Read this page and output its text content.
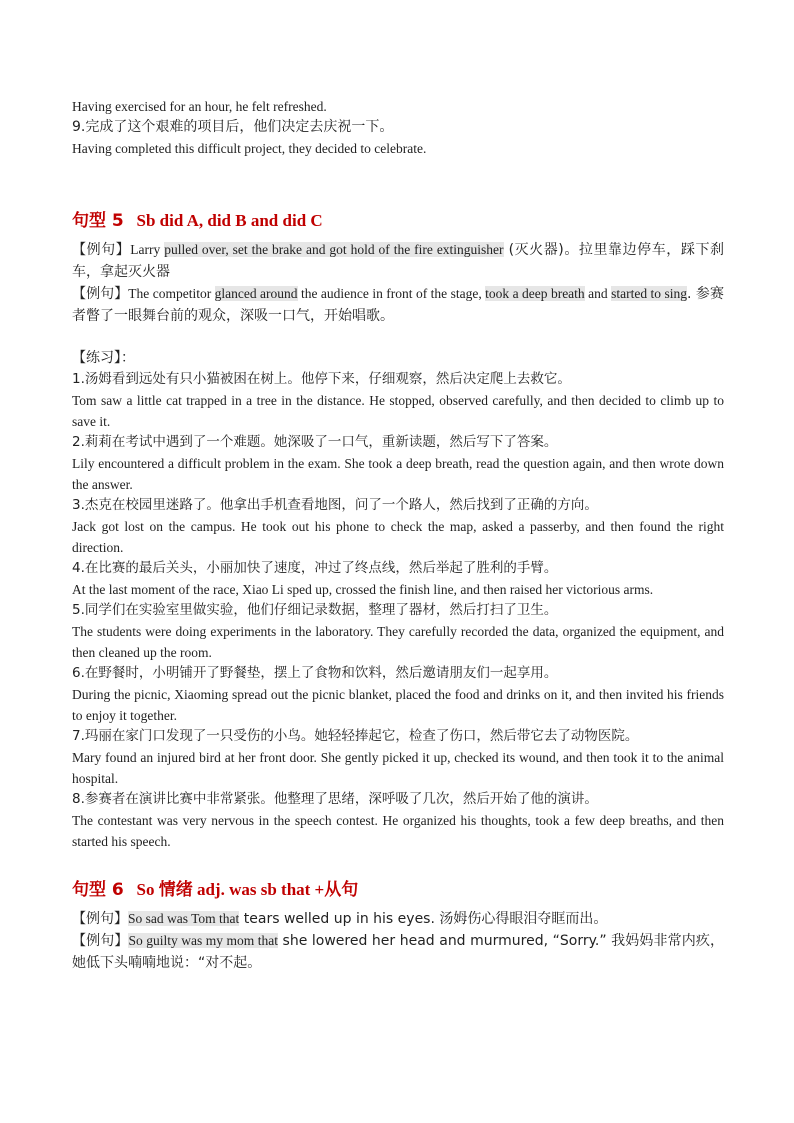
Having exercised for an hour, he felt refreshed.
9.完成了这个艰难的项目后，他们决定去庆祝一下。
Having completed this difficult project, they decided to celebrate.
句型 5 Sb did A, did B and did C

【例句】Larry pulled over, set the brake and got hold of the fire extinguisher (灭火器)。拉里靠边停车，踩下刹车，拿起灭火器

【例句】The competitor glanced around the audience in front of the stage, took a deep breath and started to sing. 参赛者瞥了一眼舞台前的观众，深吸一口气，开始唱歌。

【练习】：

1.汤姆看到远处有只小猫被困在树上。他停下来，仔细观察，然后决定爬上去救它。

Tom saw a little cat trapped in a tree in the distance. He stopped, observed carefully, and then decided to climb up to save it.

2.莉莉在考试中遇到了一个难题。她深吸了一口气，重新读题，然后写下了答案。

Lily encountered a difficult problem in the exam. She took a deep breath, read the question again, and then wrote down the answer.

3.杰克在校园里迷路了。他拿出手机查看地图，问了一个路人，然后找到了正确的方向。

Jack got lost on the campus. He took out his phone to check the map, asked a passerby, and then found the right direction.

4.在比赛的最后关头，小丽加快了速度，冲过了终点线，然后举起了胜利的手臂。

At the last moment of the race, Xiao Li sped up, crossed the finish line, and then raised her victorious arms.

5.同学们在实验室里做实验，他们仔细记录数据，整理了器材，然后打扫了卫生。

The students were doing experiments in the laboratory. They carefully recorded the data, organized the equipment, and then cleaned up the room.

6.在野餐时，小明铺开了野餐垫，摆上了食物和饮料，然后邀请朋友们一起享用。

During the picnic, Xiaoming spread out the picnic blanket, placed the food and drinks on it, and then invited his friends to enjoy it together.

7.玛丽在家门口发现了一只受伤的小鸟。她轻轻捧起它，检查了伤口，然后带它去了动物医院。

Mary found an injured bird at her front door. She gently picked it up, checked its wound, and then took it to the animal hospital.

8.参赛者在演讲比赛中非常紧张。他整理了思绪，深呼吸了几次，然后开始了他的演讲。

The contestant was very nervous in the speech contest. He organized his thoughts, took a few deep breaths, and then started his speech.

句型 6 So 情绪 adj. was sb that +从句

【例句】So sad was Tom that tears welled up in his eyes. 汤姆伤心得眼泪夺眶而出。

【例句】So guilty was my mom that she lowered her head and murmured, “Sorry.” 我妈妈非常内疚，她低下头喃喃地说：“对不起。
